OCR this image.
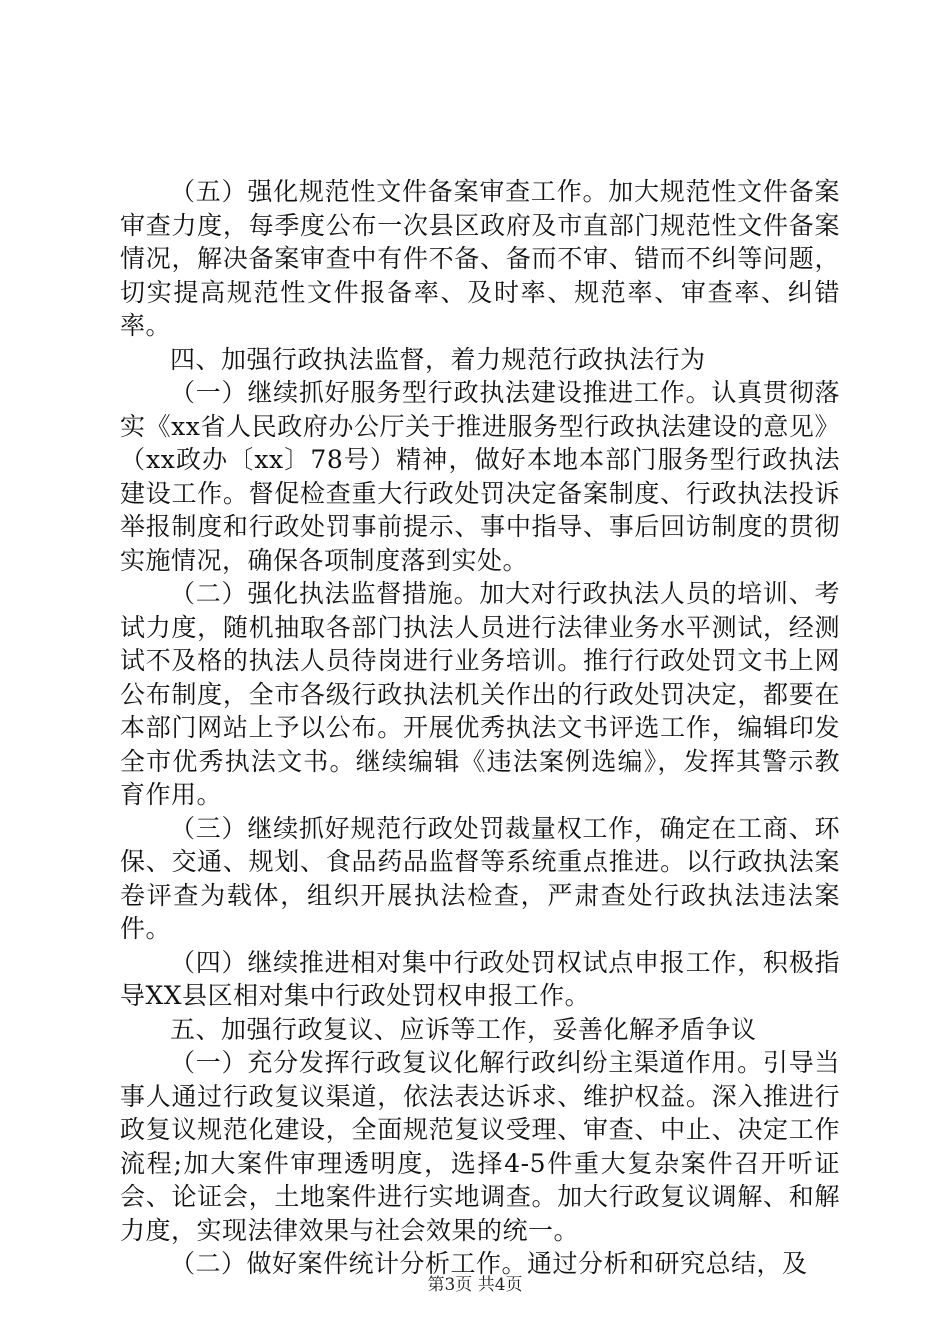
（五）强化规范性文件备案审查工作。加大规范性文件备案审查力度，每季度公布一次县区政府及市直部门规范性文件备案情况，解决备案审查中有件不备、备而不审、错而不纠等问题，切实提高规范性文件报备率、及时率、规范率、审查率、纠错率。

四、加强行政执法监督，着力规范行政执法行为

（一）继续抓好服务型行政执法建设推进工作。认真贯彻落实《xx省人民政府办公厅关于推进服务型行政执法建设的意见》（xx政办〔xx〕78号）精神，做好本地本部门服务型行政执法建设工作。督促检查重大行政处罚决定备案制度、行政执法投诉举报制度和行政处罚事前提示、事中指导、事后回访制度的贯彻实施情况，确保各项制度落到实处。

（二）强化执法监督措施。加大对行政执法人员的培训、考试力度，随机抽取各部门执法人员进行法律业务水平测试，经测试不及格的执法人员待岗进行业务培训。推行行政处罚文书上网公布制度，全市各级行政执法机关作出的行政处罚决定，都要在本部门网站上予以公布。开展优秀执法文书评选工作，编辑印发全市优秀执法文书。继续编辑《违法案例选编》，发挥其警示教育作用。

（三）继续抓好规范行政处罚裁量权工作，确定在工商、环保、交通、规划、食品药品监督等系统重点推进。以行政执法案卷评查为载体，组织开展执法检查，严肃查处行政执法违法案件。

（四）继续推进相对集中行政处罚权试点申报工作，积极指导XX县区相对集中行政处罚权申报工作。

五、加强行政复议、应诉等工作，妥善化解矛盾争议

（一）充分发挥行政复议化解行政纠纷主渠道作用。引导当事人通过行政复议渠道，依法表达诉求、维护权益。深入推进行政复议规范化建设，全面规范复议受理、审查、中止、决定工作流程;加大案件审理透明度，选择4-5件重大复杂案件召开听证会、论证会，土地案件进行实地调查。加大行政复议调解、和解力度，实现法律效果与社会效果的统一。

（二）做好案件统计分析工作。通过分析和研究总结，及

第3页 共4页
